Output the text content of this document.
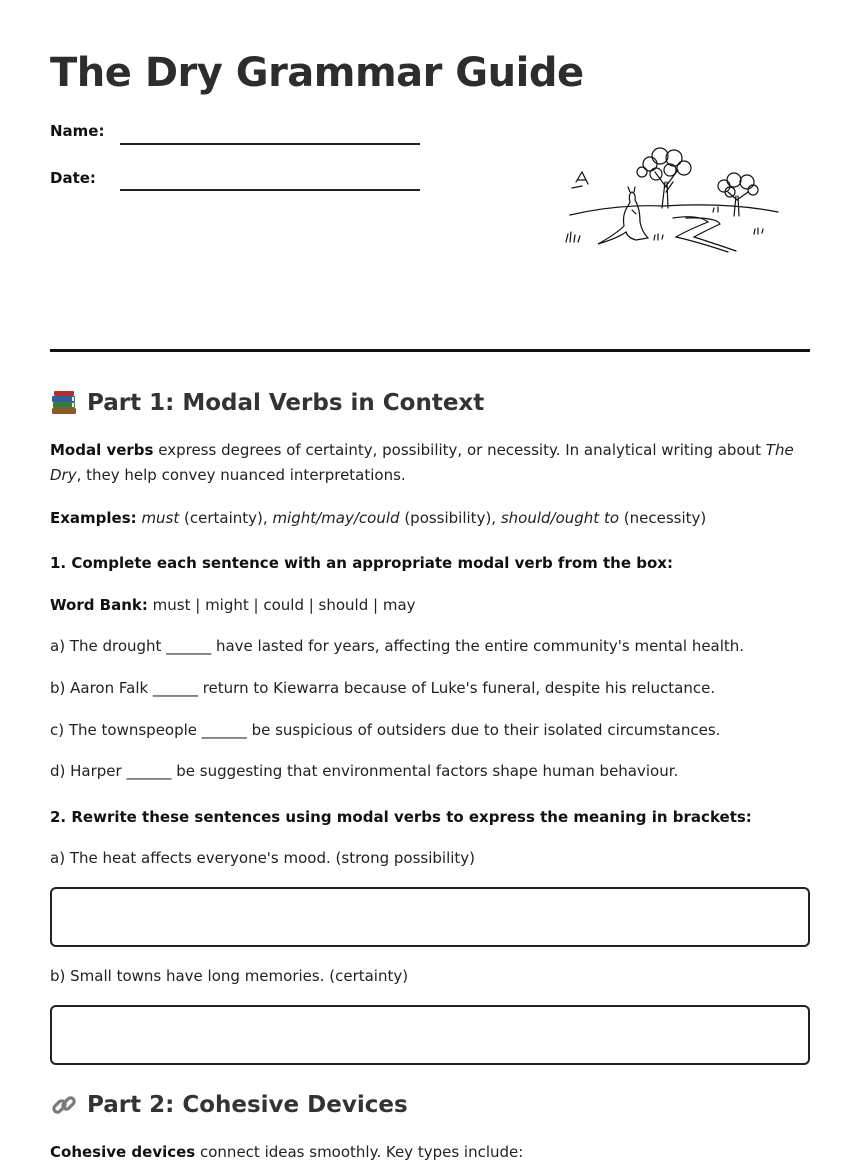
The Dry Grammar Guide
Name:
Date:
Part 1: Modal Verbs in Context

Modal verbs express degrees of certainty, possibility, or necessity. In analytical writing about The Dry, they help convey nuanced interpretations.

Examples: must (certainty), might/may/could (possibility), should/ought to (necessity)

1. Complete each sentence with an appropriate modal verb from the box:

Word Bank: must | might | could | should | may

a) The drought ______ have lasted for years, affecting the entire community's mental health.

b) Aaron Falk ______ return to Kiewarra because of Luke's funeral, despite his reluctance.

c) The townspeople ______ be suspicious of outsiders due to their isolated circumstances.

d) Harper ______ be suggesting that environmental factors shape human behaviour.

2. Rewrite these sentences using modal verbs to express the meaning in brackets:

a) The heat affects everyone's mood. (strong possibility)

b) Small towns have long memories. (certainty)

Part 2: Cohesive Devices

Cohesive devices connect ideas smoothly. Key types include:
